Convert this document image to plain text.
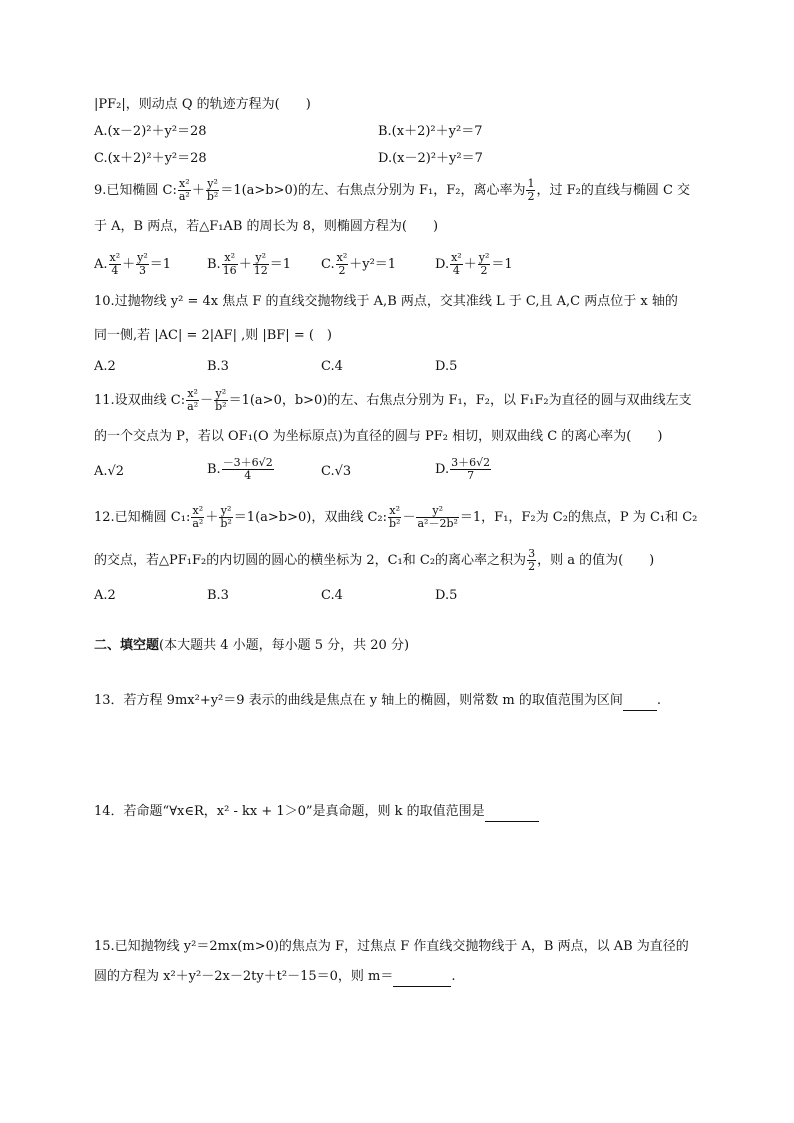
|PF₂|，则动点 Q 的轨迹方程为(　　)
A.(x－2)²＋y²＝28	B.(x＋2)²＋y²＝7
C.(x＋2)²＋y²＝28	D.(x－2)²＋y²＝7
9.已知椭圆 C: $\frac{\text{x²}}{\text{a²}} + \frac{\text{y²}}{\text{b²}} =1(a>b>0)$的左、右焦点分别为 F₁，F₂，离心率为 $\frac{1}{2}$ ，过 F₂的直线与椭圆 C 交
于 A，B 两点，若△F₁AB 的周长为 8，则椭圆方程为(　　)
A. $\frac{\text{x²}}{4} + \frac{\text{y²}}{3} =1$	B. $\frac{\text{x²}}{16} + \frac{\text{y²}}{12} =1$ C. $\frac{\text{x²}}{2} +y^2=1$	D. $\frac{\text{x²}}{4} + \frac{\text{y²}}{2} =1$
10.过抛物线 y² = 4x 焦点 F 的直线交抛物线于 A,B 两点，交其准线 L 于 C,且 A,C 两点位于 x 轴的
同一侧,若 |AC| = 2|AF| ,则 |BF| = (　)
A.2	B.3	C.4	D.5
11.设双曲线 C: $\frac{\text{x²}}{\text{a²}} - \frac{\text{y²}}{\text{b²}} =1(a>0$，b>0)的左、右焦点分别为 F₁，F₂，以 F₁F₂为直径的圆与双曲线左支
的一个交点为 P，若以 OF₁(O 为坐标原点)为直径的圆与 PF₂ 相切，则双曲线 C 的离心率为(　　)
A.√2	B. $\frac{-3+6√2}{4}$	C.√3	D. $\frac{3+6√2}{7}$
12.已知椭圆 C₁: $\frac{\text{x²}}{\text{a²}} + \frac{\text{y²}}{\text{b²}} =1(a>b>0)$，双曲线 C₂: $\frac{\text{x²}}{\text{b²}} - \frac{\text{y²}}{\text{a²－2b²}} =1$，F₁，F₂为 C₂的焦点，P 为 C₁和 C₂
的交点，若△PF₁F₂的内切圆的圆心的横坐标为 2，C₁和 C₂的离心率之积为 $\frac{3}{2}$ ，则 a 的值为(　　)
A.2	B.3	C.4	D.5
二、填空题(本大题共 4 小题，每小题 5 分，共 20 分)
13．若方程 9mx²+y²＝9 表示的曲线是焦点在 y 轴上的椭圆，则常数 m 的取值范围为区间	.
14．若命题“∀x∈R，x² - kx + 1＞0”是真命题，则 k 的取值范围是
15.已知抛物线 y²＝2mx(m>0)的焦点为 F，过焦点 F 作直线交抛物线于 A，B 两点，以 AB 为直径的
圆的方程为 x²＋y²－2x－2ty＋t²－15＝0，则 m＝	.
